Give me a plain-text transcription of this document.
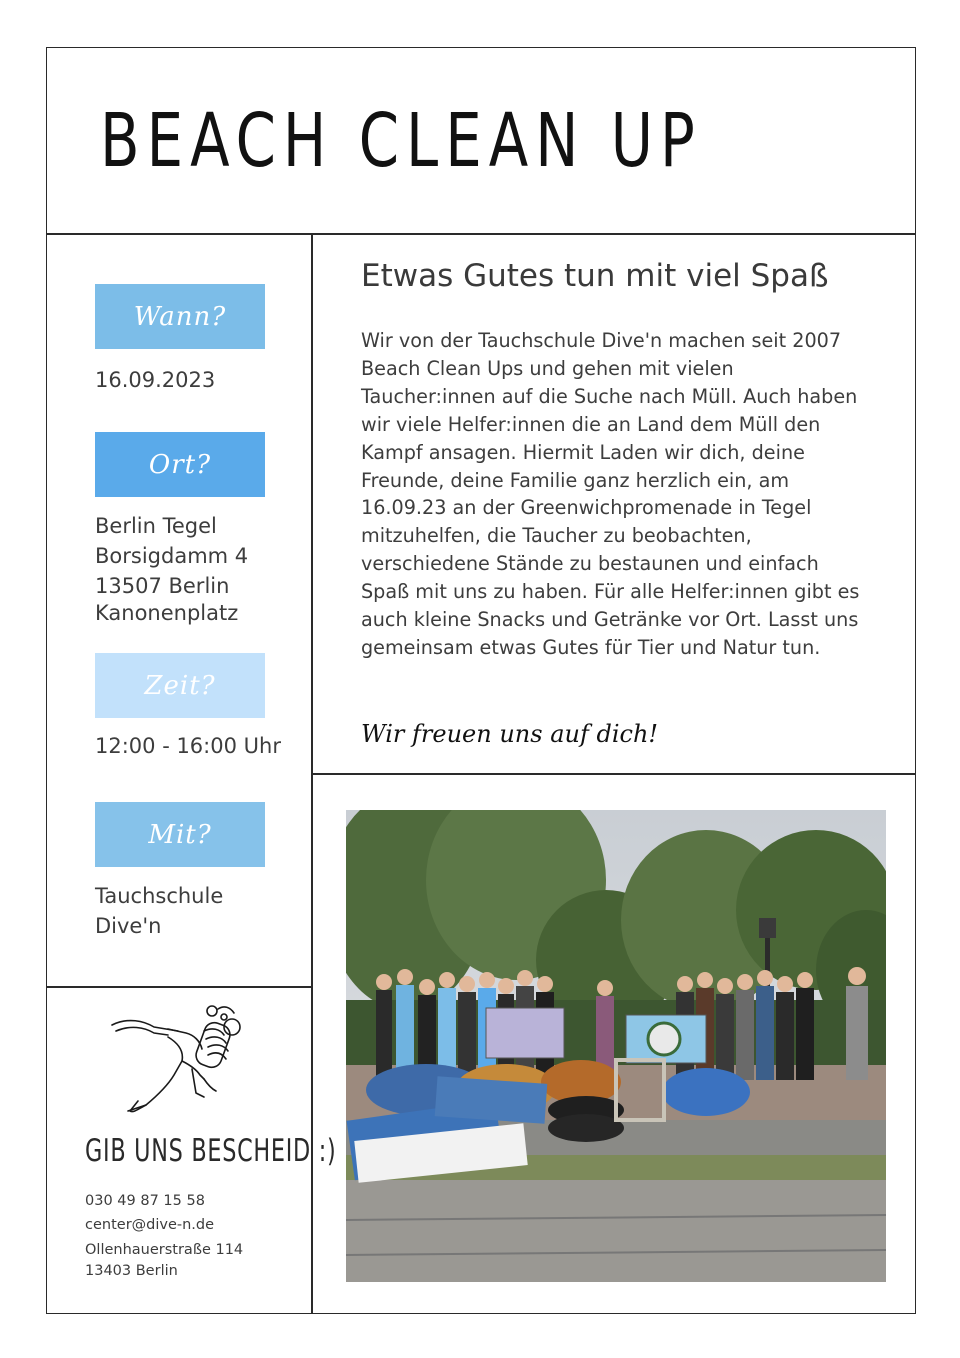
BEACH CLEAN UP
Wann?
16.09.2023
Ort?
Berlin Tegel
Borsigdamm 4
13507 Berlin
Kanonenplatz
Zeit?
12:00 - 16:00 Uhr
Mit?
Tauchschule
Dive'n
Etwas Gutes tun mit viel Spaß

Wir von der Tauchschule Dive'n machen seit 2007 Beach Clean Ups und gehen mit vielen Taucher:innen auf die Suche nach Müll. Auch haben wir viele Helfer:innen die an Land dem Müll den Kampf ansagen. Hiermit Laden wir dich, deine Freunde, deine Familie ganz herzlich ein, am 16.09.23 an der Greenwichpromenade in Tegel mitzuhelfen, die Taucher zu beobachten, verschiedene Stände zu bestaunen und einfach Spaß mit uns zu haben. Für alle Helfer:innen gibt es auch kleine Snacks und Getränke vor Ort. Lasst uns gemeinsam etwas Gutes für Tier und Natur tun.

Wir freuen uns auf dich!
GIB UNS BESCHEID :)
030 49 87 15 58
center@dive-n.de
Ollenhauerstraße 114
13403 Berlin
